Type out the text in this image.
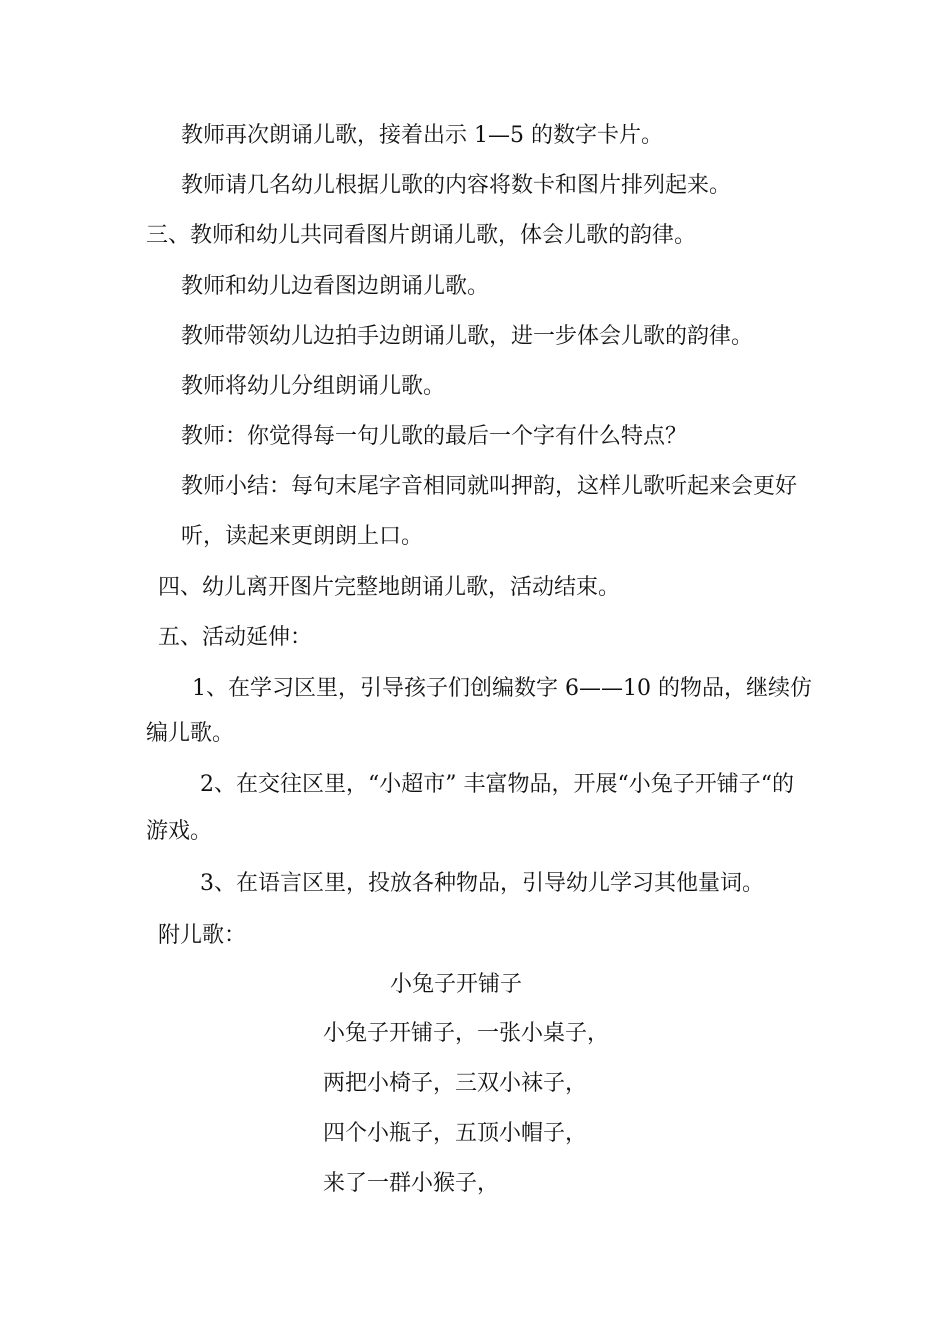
教师再次朗诵儿歌，接着出示 1—5 的数字卡片。
教师请几名幼儿根据儿歌的内容将数卡和图片排列起来。
三、教师和幼儿共同看图片朗诵儿歌，体会儿歌的韵律。
教师和幼儿边看图边朗诵儿歌。
教师带领幼儿边拍手边朗诵儿歌，进一步体会儿歌的韵律。
教师将幼儿分组朗诵儿歌。
教师：你觉得每一句儿歌的最后一个字有什么特点？
教师小结：每句末尾字音相同就叫押韵，这样儿歌听起来会更好
听，读起来更朗朗上口。
四、幼儿离开图片完整地朗诵儿歌，活动结束。
五、活动延伸：
1、在学习区里，引导孩子们创编数字 6——10 的物品，继续仿
编儿歌。
2、在交往区里，“小超市” 丰富物品，开展“小兔子开铺子“的
游戏。
3、在语言区里，投放各种物品，引导幼儿学习其他量词。
附儿歌：
小兔子开铺子
小兔子开铺子，一张小桌子，
两把小椅子，三双小袜子，
四个小瓶子，五顶小帽子，
来了一群小猴子，
